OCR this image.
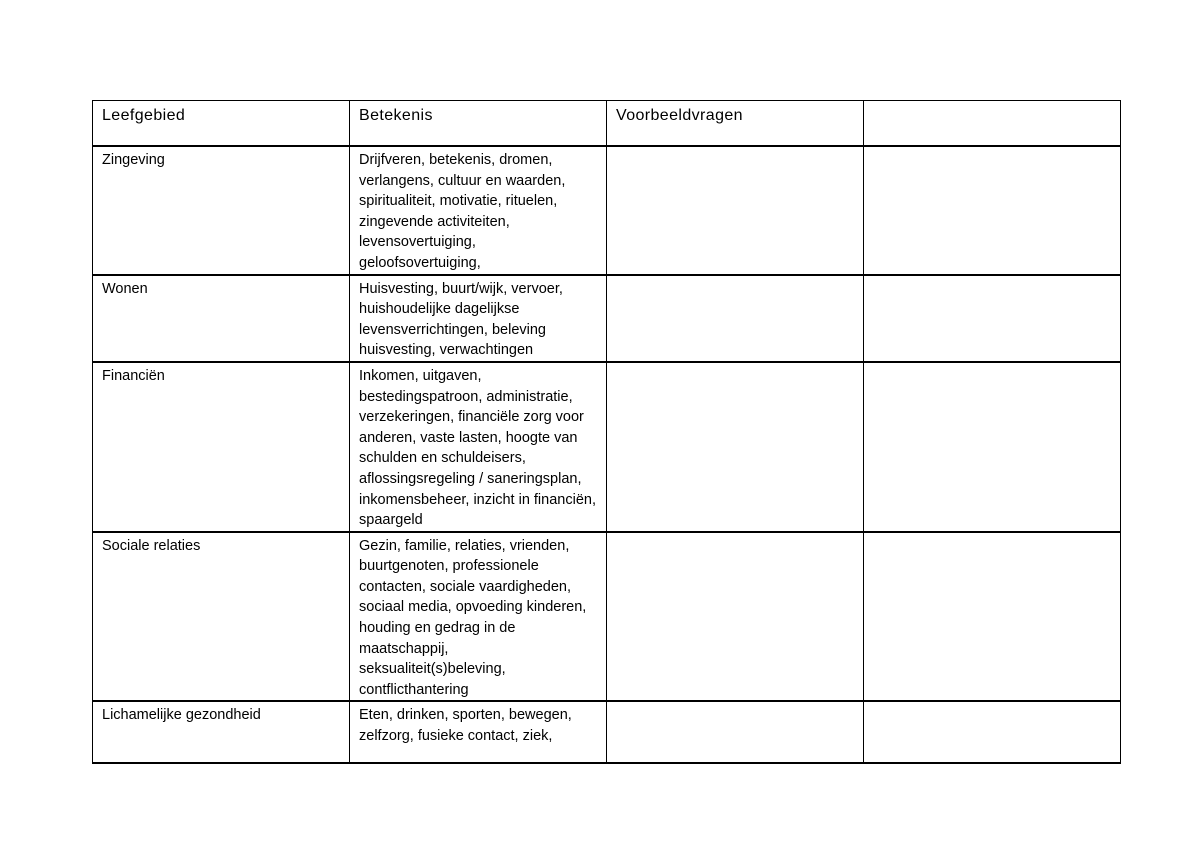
Leefgebied	Betekenis	Voorbeeldvragen	
Zingeving	Drijfveren, betekenis, dromen, verlangens, cultuur en waarden, spiritualiteit, motivatie, rituelen, zingevende activiteiten, levensovertuiging, geloofsovertuiging,		
Wonen	Huisvesting, buurt/wijk, vervoer, huishoudelijke dagelijkse levensverrichtingen, beleving huisvesting, verwachtingen		
Financiën	Inkomen, uitgaven, bestedingspatroon, administratie, verzekeringen, financiële zorg voor anderen, vaste lasten, hoogte van schulden en schuldeisers, aflossingsregeling / saneringsplan, inkomensbeheer, inzicht in financiën, spaargeld		
Sociale relaties	Gezin, familie, relaties, vrienden, buurtgenoten, professionele contacten, sociale vaardigheden, sociaal media, opvoeding kinderen, houding en gedrag in de maatschappij, seksualiteit(s)beleving, contflicthantering		
Lichamelijke gezondheid	Eten, drinken, sporten, bewegen, zelfzorg, fusieke contact, ziek,		
